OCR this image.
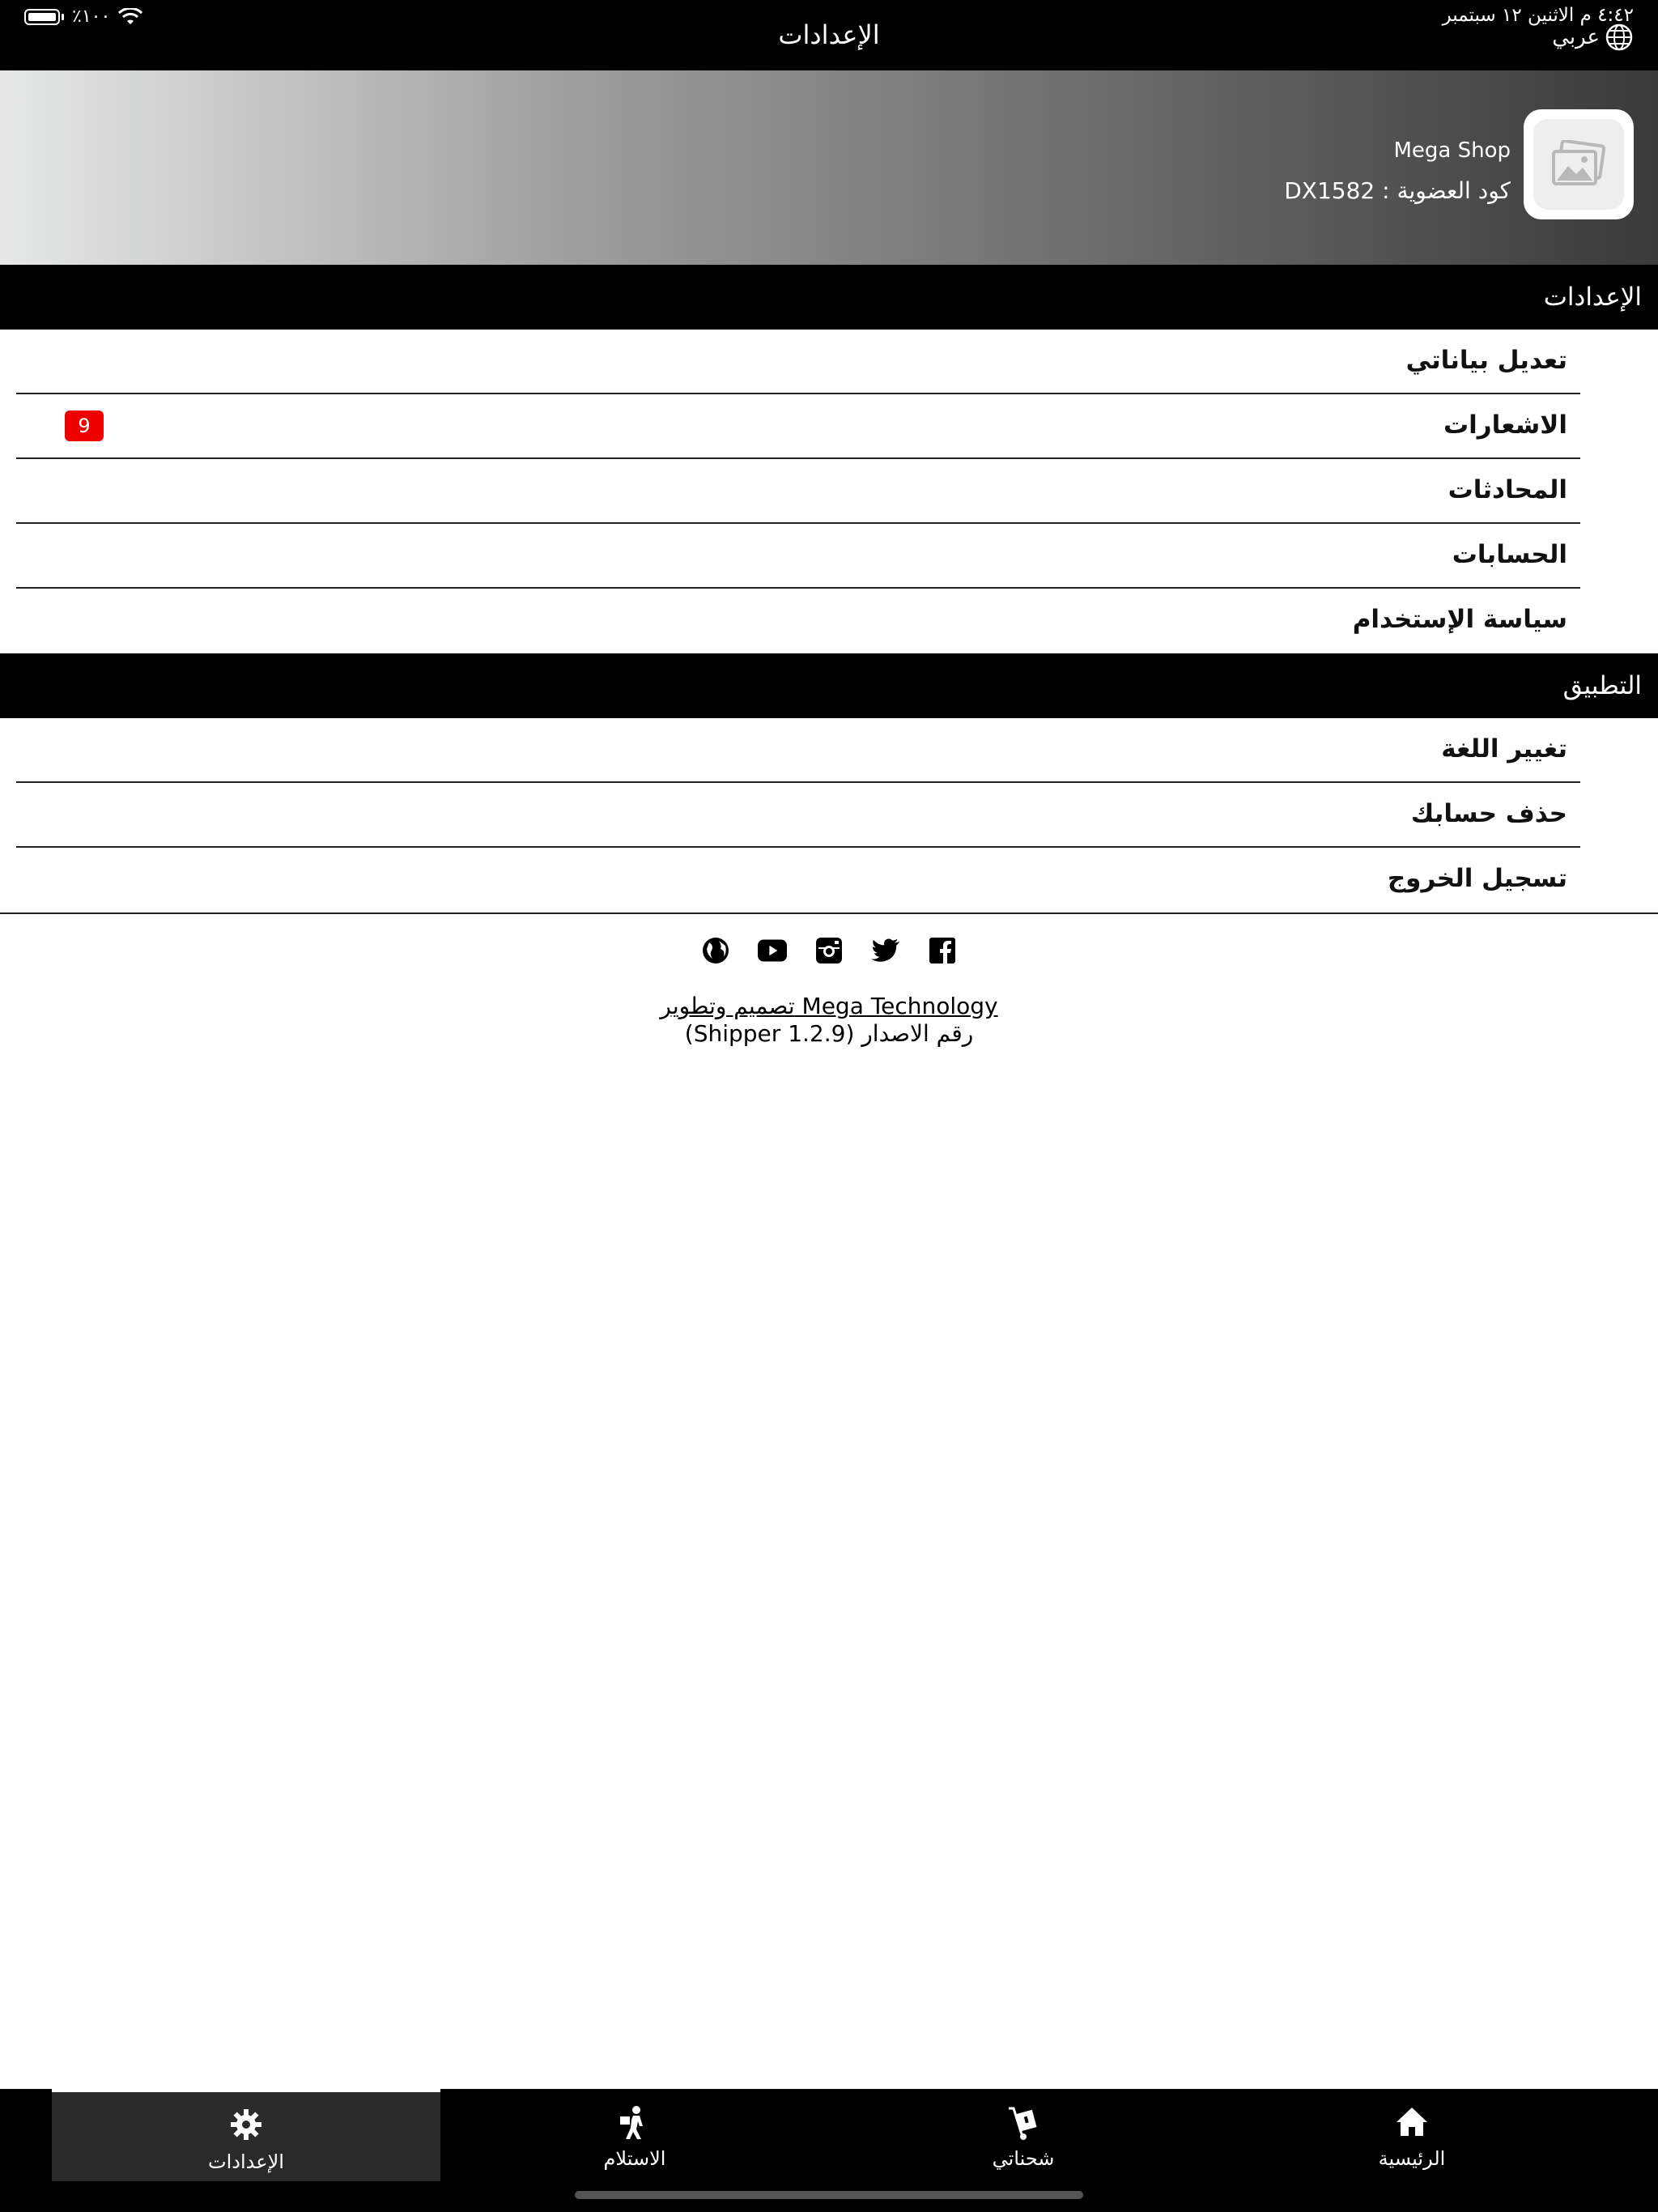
٪١٠٠	٤:٤٢ م الاثنين ١٢ سبتمبر
الإعدادات	عربي
Mega Shop
كود العضوية : DX1582
الإعدادات
تعديل بياناتي
الاشعارات
9
المحادثات
الحسابات
سياسة الإستخدام
التطبيق
تغيير اللغة
حذف حسابك
تسجيل الخروج
تصميم وتطوير Mega Technology
رقم الاصدار (1.2.9 Shipper)
الإعدادات	الاستلام	شحناتي	الرئيسية
